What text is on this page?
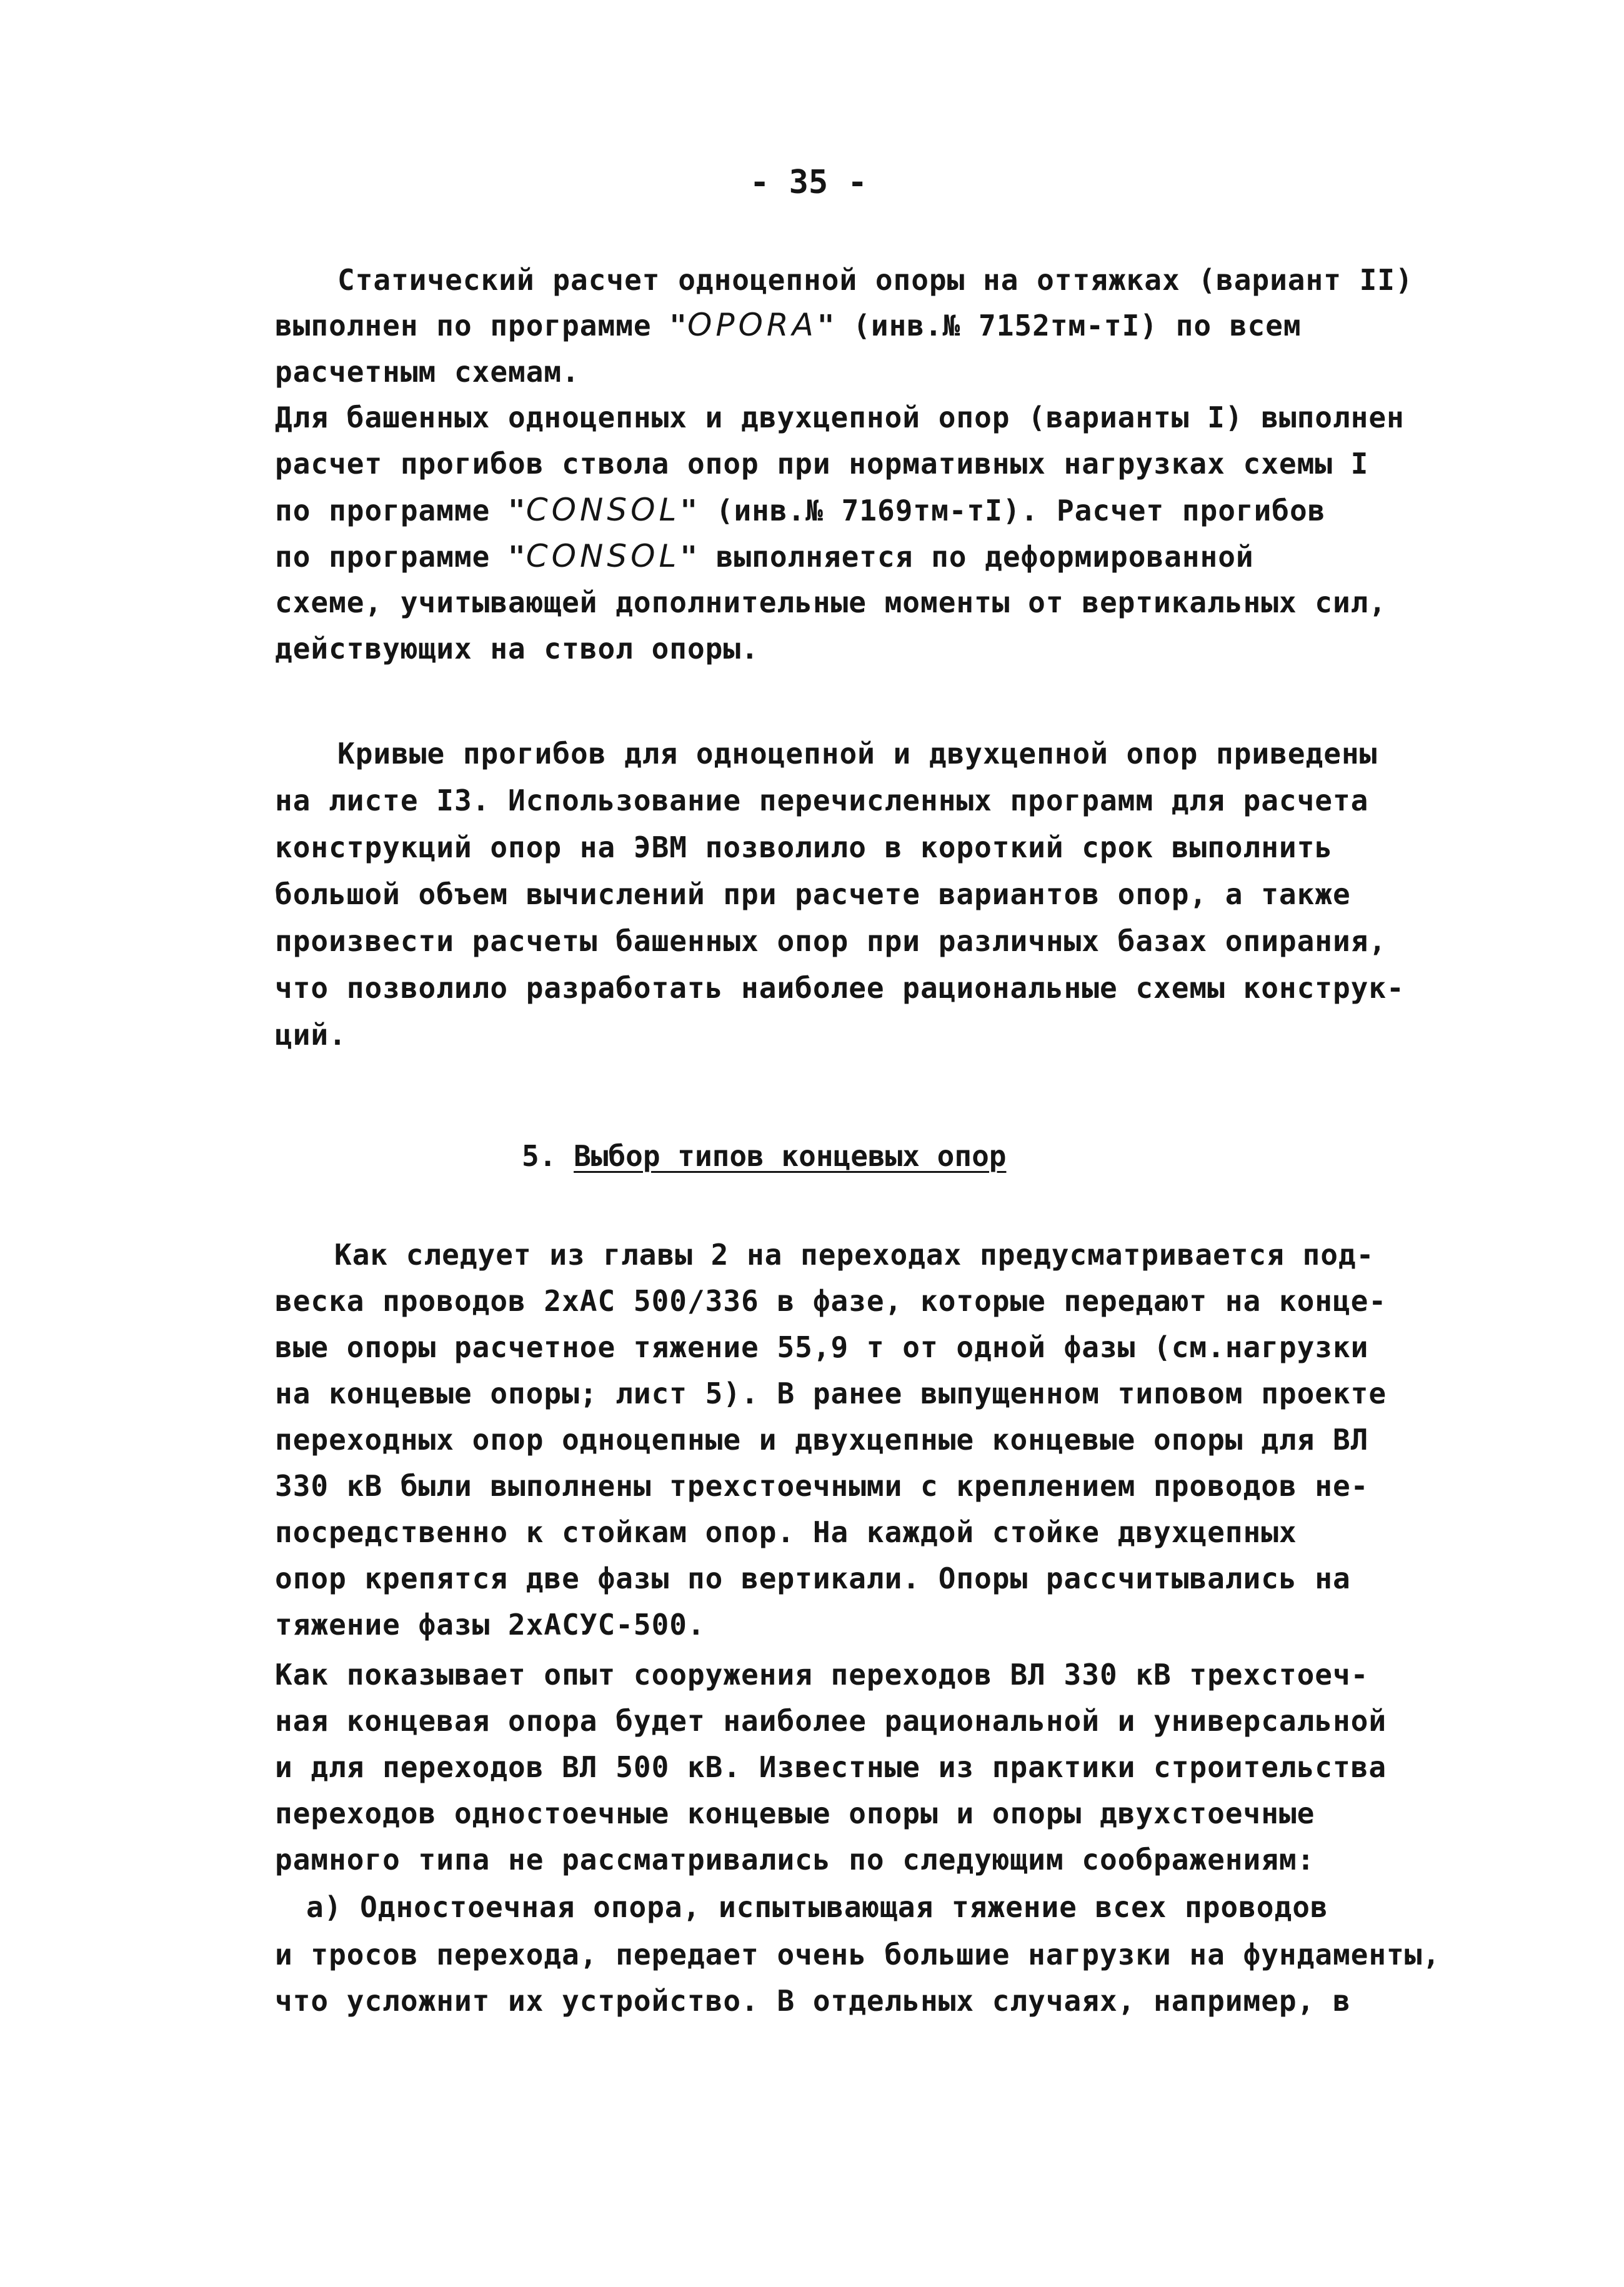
- 35 -
Статический расчет одноцепной опоры на оттяжках (вариант II)
выполнен по программе "OPORA" (инв.№ 7152тм-тI) по всем
расчетным схемам.
Для башенных одноцепных и двухцепной опор (варианты I) выполнен
расчет прогибов ствола опор при нормативных нагрузках схемы I
по программе "CONSOL" (инв.№ 7169тм-тI). Расчет прогибов
по программе "CONSOL" выполняется по деформированной
схеме, учитывающей дополнительные моменты от вертикальных сил,
действующих на ствол опоры.
Кривые прогибов для одноцепной и двухцепной опор приведены
на листе I3. Использование перечисленных программ для расчета
конструкций опор на ЭВМ позволило в короткий срок выполнить
большой объем вычислений при расчете вариантов опор, а также
произвести расчеты башенных опор при различных базах опирания,
что позволило разработать наиболее рациональные схемы конструк-
ций.
5. Выбор типов концевых опор
Как следует из главы 2 на переходах предусматривается под-
веска проводов 2хАС 500/336 в фазе, которые передают на конце-
вые опоры расчетное тяжение 55,9 т от одной фазы (см.нагрузки
на концевые опоры; лист 5). В ранее выпущенном типовом проекте
переходных опор одноцепные и двухцепные концевые опоры для ВЛ
330 кВ были выполнены трехстоечными с креплением проводов не-
посредственно к стойкам опор. На каждой стойке двухцепных
опор крепятся две фазы по вертикали. Опоры рассчитывались на
тяжение фазы 2хАСУС-500.
Как показывает опыт сооружения переходов ВЛ 330 кВ трехстоеч-
ная концевая опора будет наиболее рациональной и универсальной
и для переходов ВЛ 500 кВ. Известные из практики строительства
переходов одностоечные концевые опоры и опоры двухстоечные
рамного типа не рассматривались по следующим соображениям:
а) Одностоечная опора, испытывающая тяжение всех проводов
и тросов перехода, передает очень большие нагрузки на фундаменты,
что усложнит их устройство. В отдельных случаях, например, в
